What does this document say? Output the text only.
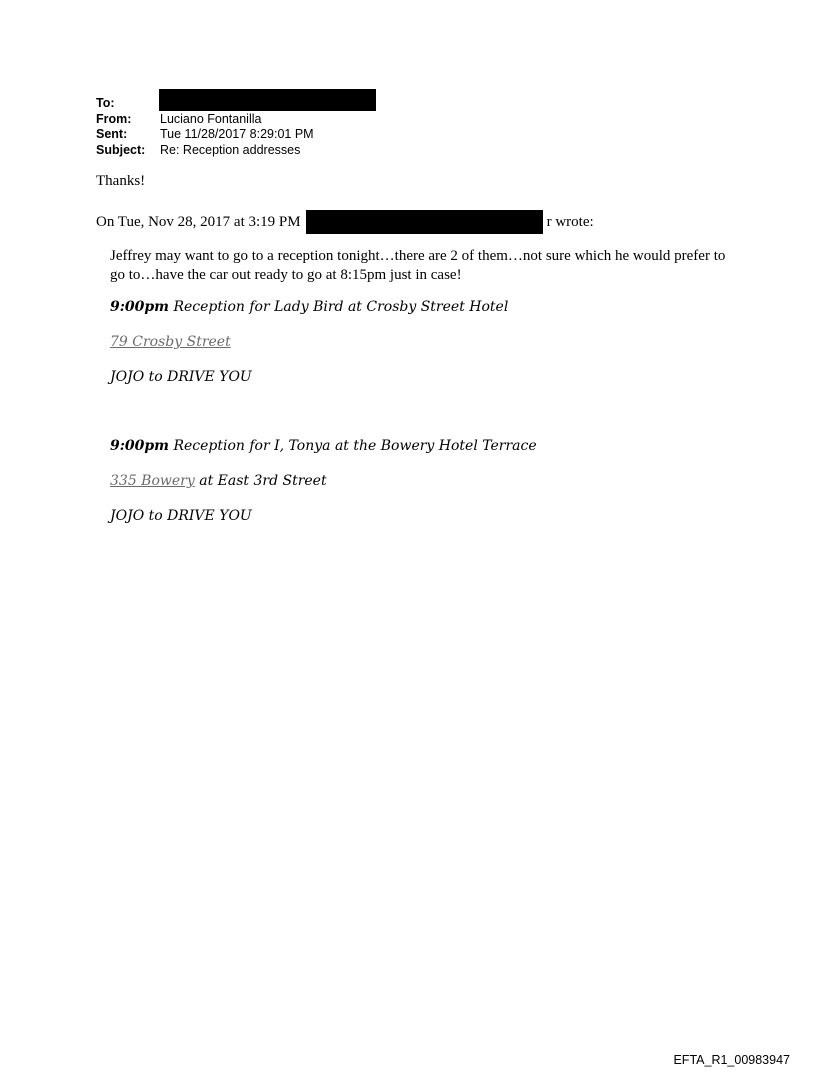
To:
From:	Luciano Fontanilla
Sent:	Tue 11/28/2017 8:29:01 PM
Subject:	Re: Reception addresses
Thanks!
On Tue, Nov 28, 2017 at 3:19 PM	r wrote:
Jeffrey may want to go to a reception tonight…there are 2 of them…not sure which he would prefer to go to…have the car out ready to go at 8:15pm just in case!
9:00pm Reception for Lady Bird at Crosby Street Hotel
79 Crosby Street
JOJO to DRIVE YOU
9:00pm Reception for I, Tonya at the Bowery Hotel Terrace
335 Bowery at East 3rd Street
JOJO to DRIVE YOU
EFTA_R1_00983947
